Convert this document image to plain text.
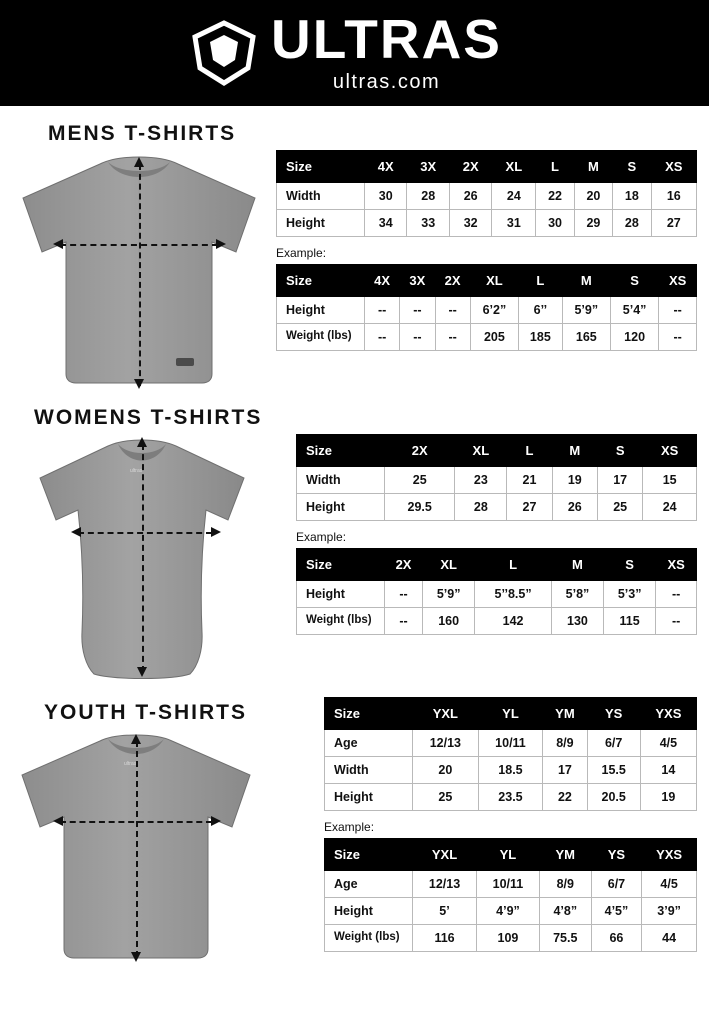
ULTRAS
ultras.com
MENS T-SHIRTS
Size	4X	3X	2X	XL	L	M	S	XS
Width	30	28	26	24	22	20	18	16
Height	34	33	32	31	30	29	28	27
Example:
Size	4X	3X	2X	XL	L	M	S	XS
Height	--	--	--	6’2”	6’’	5’9”	5’4”	--
Weight (lbs)	--	--	--	205	185	165	120	--
WOMENS T-SHIRTS
ultras
Size	2X	XL	L	M	S	XS
Width	25	23	21	19	17	15
Height	29.5	28	27	26	25	24
Example:
Size	2X	XL	L	M	S	XS
Height	--	5’9”	5’’8.5”	5’8”	5’3”	--
Weight (lbs)	--	160	142	130	115	--
YOUTH T-SHIRTS
ultras
Size	YXL	YL	YM	YS	YXS
Age	12/13	10/11	8/9	6/7	4/5
Width	20	18.5	17	15.5	14
Height	25	23.5	22	20.5	19
Example:
Size	YXL	YL	YM	YS	YXS
Age	12/13	10/11	8/9	6/7	4/5
Height	5’	4’9”	4’8”	4’5”	3’9”
Weight (lbs)	116	109	75.5	66	44
